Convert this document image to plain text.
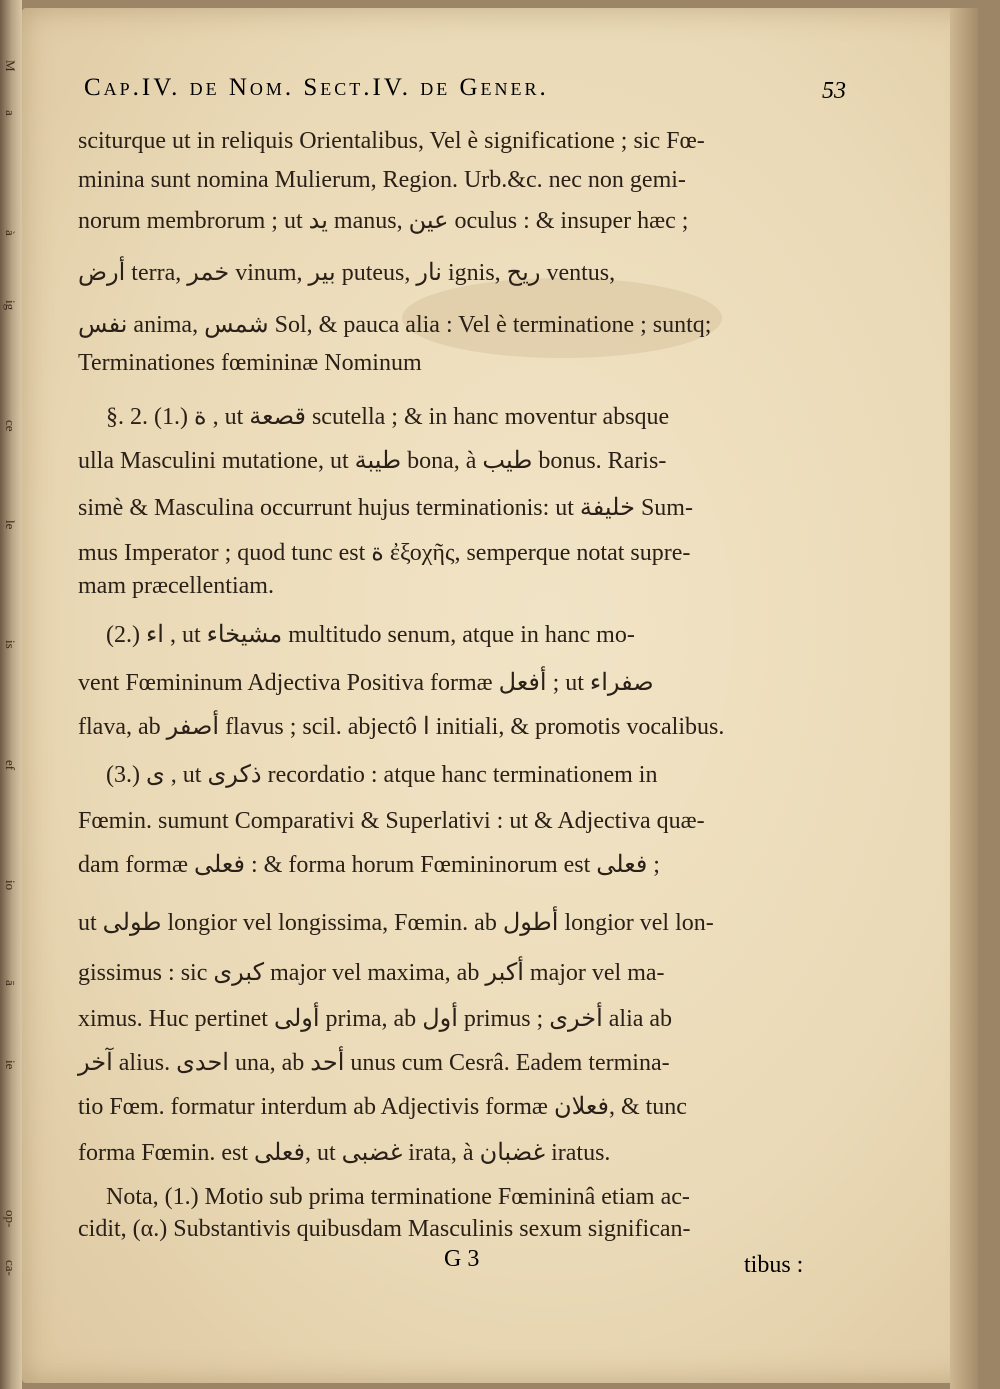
M
a
à
ig
ce
le
is
ef
io
ā
ie
op-
ca-
Cap.IV. de Nom. Sect.IV. de Gener.	53
sciturque ut in reliquis Orientalibus, Vel è significatione ; sic Fœ-
minina sunt nomina Mulierum, Region. Urb.&c. nec non gemi-
norum membrorum ; ut يد manus, عين oculus : & insuper hæc ;
أرض terra, خمر vinum, بير puteus, نار ignis, ريح ventus,
نفس anima, شمس Sol, & pauca alia : Vel è terminatione ; suntq;
Terminationes fœmininæ Nominum
§. 2. (1.) ة , ut قصعة scutella ; & in hanc moventur absque
ulla Masculini mutatione, ut طيبة bona, à طيب bonus. Raris-
simè & Masculina occurrunt hujus terminationis: ut خليفة Sum-
mus Imperator ; quod tunc est ة ἐξοχῆς, semperque notat supre-
mam præcellentiam.
(2.) اء , ut مشيخاء multitudo senum, atque in hanc mo-
vent Fœmininum Adjectiva Positiva formæ أفعل ; ut صفراء
flava, ab أصفر flavus ; scil. abjectô ا initiali, & promotis vocalibus.
(3.) ى , ut ذكرى recordatio : atque hanc terminationem in
Fœmin. sumunt Comparativi & Superlativi : ut & Adjectiva quæ-
dam formæ فعلى : & forma horum Fœmininorum est فعلى ;
ut طولى longior vel longissima, Fœmin. ab أطول longior vel lon-
gissimus : sic كبرى major vel maxima, ab أكبر major vel ma-
ximus. Huc pertinet أولى prima, ab أول primus ; أخرى alia ab
آخر alius. احدى una, ab أحد unus cum Cesrâ. Eadem termina-
tio Fœm. formatur interdum ab Adjectivis formæ فعلان, & tunc
forma Fœmin. est فعلى, ut غضبى irata, à غضبان iratus.
Nota, (1.) Motio sub prima terminatione Fœmininâ etiam ac-
cidit, (α.) Substantivis quibusdam Masculinis sexum significan-
G 3	tibus :
